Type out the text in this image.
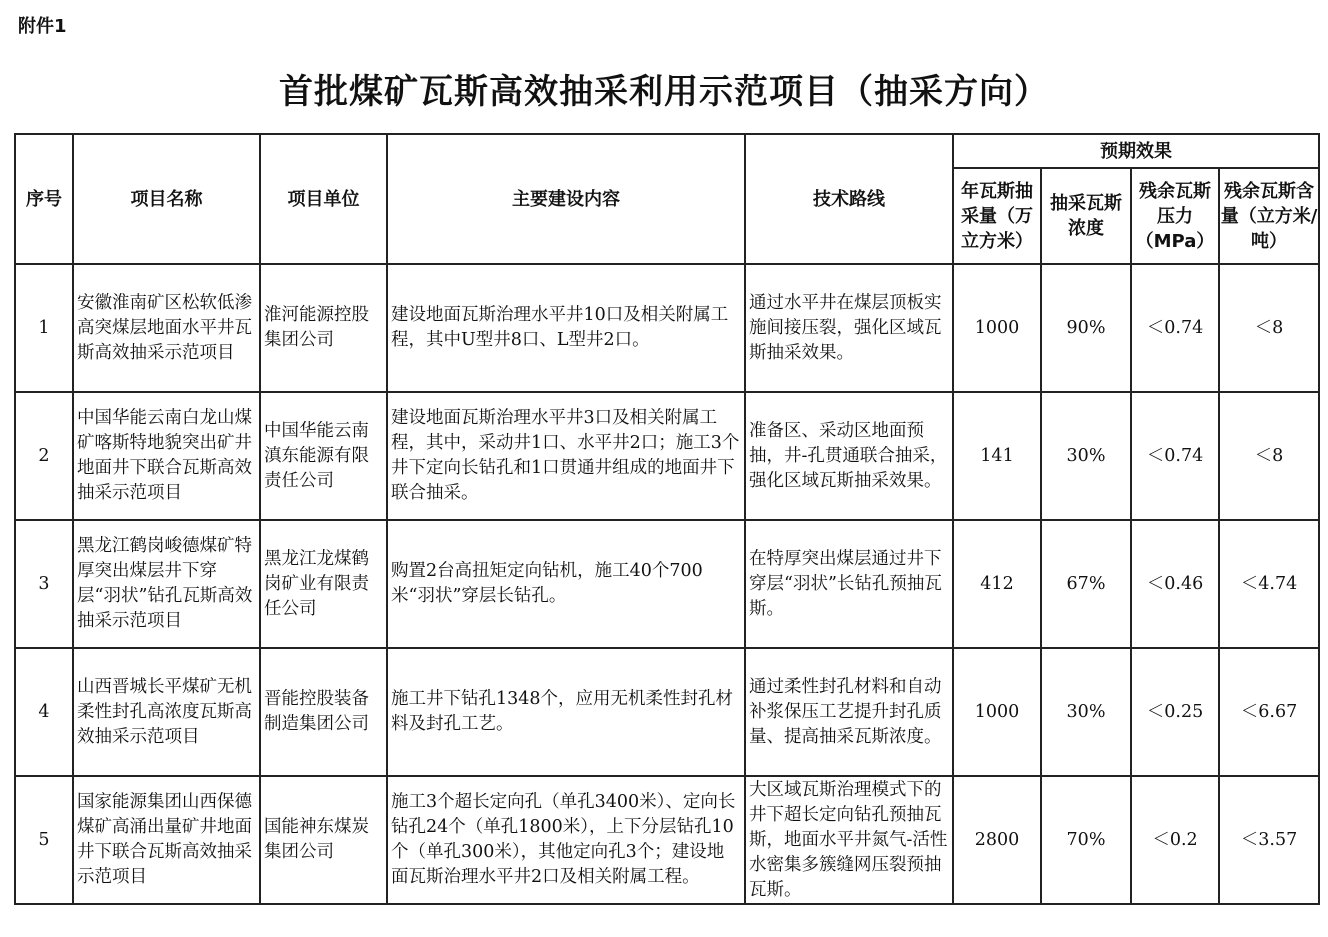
附件1
首批煤矿瓦斯高效抽采利用示范项目（抽采方向）
序号	项目名称	项目单位	主要建设内容	技术路线	预期效果			
					年瓦斯抽采量（万立方米）	抽采瓦斯浓度	残余瓦斯压力（MPa）	残余瓦斯含量（立方米/吨）
1	安徽淮南矿区松软低渗高突煤层地面水平井瓦斯高效抽采示范项目	淮河能源控股集团公司	建设地面瓦斯治理水平井10口及相关附属工程，其中U型井8口、L型井2口。	通过水平井在煤层顶板实施间接压裂，强化区域瓦斯抽采效果。	1000	90%	＜0.74	＜8
2	中国华能云南白龙山煤矿喀斯特地貌突出矿井地面井下联合瓦斯高效抽采示范项目	中国华能云南滇东能源有限责任公司	建设地面瓦斯治理水平井3口及相关附属工程，其中，采动井1口、水平井2口；施工3个井下定向长钻孔和1口贯通井组成的地面井下联合抽采。	准备区、采动区地面预抽，井-孔贯通联合抽采，强化区域瓦斯抽采效果。	141	30%	＜0.74	＜8
3	黑龙江鹤岗峻德煤矿特厚突出煤层井下穿层“羽状”钻孔瓦斯高效抽采示范项目	黑龙江龙煤鹤岗矿业有限责任公司	购置2台高扭矩定向钻机，施工40个700米“羽状”穿层长钻孔。	在特厚突出煤层通过井下穿层“羽状”长钻孔预抽瓦斯。	412	67%	＜0.46	＜4.74
4	山西晋城长平煤矿无机柔性封孔高浓度瓦斯高效抽采示范项目	晋能控股装备制造集团公司	施工井下钻孔1348个，应用无机柔性封孔材料及封孔工艺。	通过柔性封孔材料和自动补浆保压工艺提升封孔质量、提高抽采瓦斯浓度。	1000	30%	＜0.25	＜6.67
5	国家能源集团山西保德煤矿高涌出量矿井地面井下联合瓦斯高效抽采示范项目	国能神东煤炭集团公司	施工3个超长定向孔（单孔3400米）、定向长钻孔24个（单孔1800米），上下分层钻孔10个（单孔300米），其他定向孔3个；建设地面瓦斯治理水平井2口及相关附属工程。	大区域瓦斯治理模式下的井下超长定向钻孔预抽瓦斯，地面水平井氮气-活性水密集多簇缝网压裂预抽瓦斯。	2800	70%	＜0.2	＜3.57
